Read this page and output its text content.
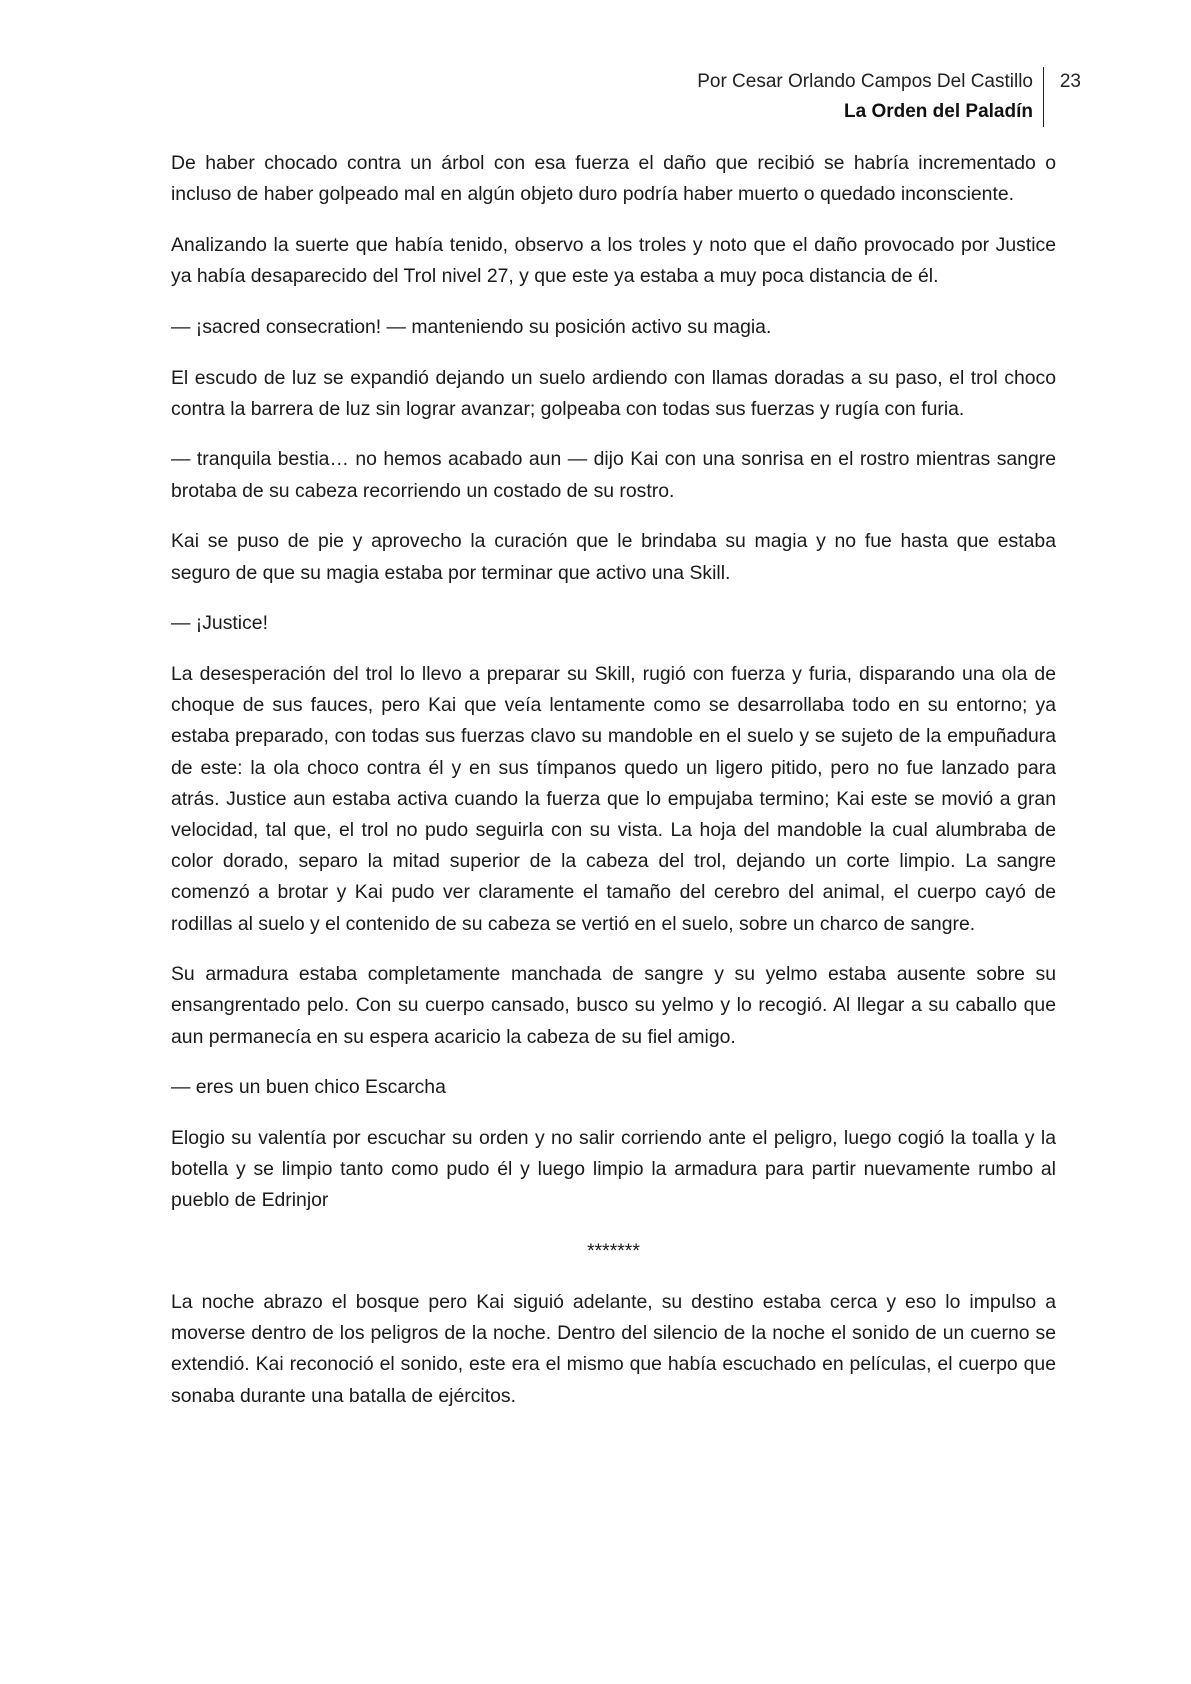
Por Cesar Orlando Campos Del Castillo
La Orden del Paladín
23

De haber chocado contra un árbol con esa fuerza el daño que recibió se habría incrementado o incluso de haber golpeado mal en algún objeto duro podría haber muerto o quedado inconsciente.

Analizando la suerte que había tenido, observo a los troles y noto que el daño provocado por Justice ya había desaparecido del Trol nivel 27, y que este ya estaba a muy poca distancia de él.

— ¡sacred consecration! — manteniendo su posición activo su magia.

El escudo de luz se expandió dejando un suelo ardiendo con llamas doradas a su paso, el trol choco contra la barrera de luz sin lograr avanzar; golpeaba con todas sus fuerzas y rugía con furia.

— tranquila bestia… no hemos acabado aun — dijo Kai con una sonrisa en el rostro mientras sangre brotaba de su cabeza recorriendo un costado de su rostro.

Kai se puso de pie y aprovecho la curación que le brindaba su magia y no fue hasta que estaba seguro de que su magia estaba por terminar que activo una Skill.

— ¡Justice!

La desesperación del trol lo llevo a preparar su Skill, rugió con fuerza y furia, disparando una ola de choque de sus fauces, pero Kai que veía lentamente como se desarrollaba todo en su entorno; ya estaba preparado, con todas sus fuerzas clavo su mandoble en el suelo y se sujeto de la empuñadura de este: la ola choco contra él y en sus tímpanos quedo un ligero pitido, pero no fue lanzado para atrás. Justice aun estaba activa cuando la fuerza que lo empujaba termino; Kai este se movió a gran velocidad, tal que, el trol no pudo seguirla con su vista. La hoja del mandoble la cual alumbraba de color dorado, separo la mitad superior de la cabeza del trol, dejando un corte limpio. La sangre comenzó a brotar y Kai pudo ver claramente el tamaño del cerebro del animal, el cuerpo cayó de rodillas al suelo y el contenido de su cabeza se vertió en el suelo, sobre un charco de sangre.

Su armadura estaba completamente manchada de sangre y su yelmo estaba ausente sobre su ensangrentado pelo. Con su cuerpo cansado, busco su yelmo y lo recogió. Al llegar a su caballo que aun permanecía en su espera acaricio la cabeza de su fiel amigo.

— eres un buen chico Escarcha

Elogio su valentía por escuchar su orden y no salir corriendo ante el peligro, luego cogió la toalla y la botella y se limpio tanto como pudo él y luego limpio la armadura para partir nuevamente rumbo al pueblo de Edrinjor

*******

La noche abrazo el bosque pero Kai siguió adelante, su destino estaba cerca y eso lo impulso a moverse dentro de los peligros de la noche. Dentro del silencio de la noche el sonido de un cuerno se extendió. Kai reconoció el sonido, este era el mismo que había escuchado en películas, el cuerpo que sonaba durante una batalla de ejércitos.
